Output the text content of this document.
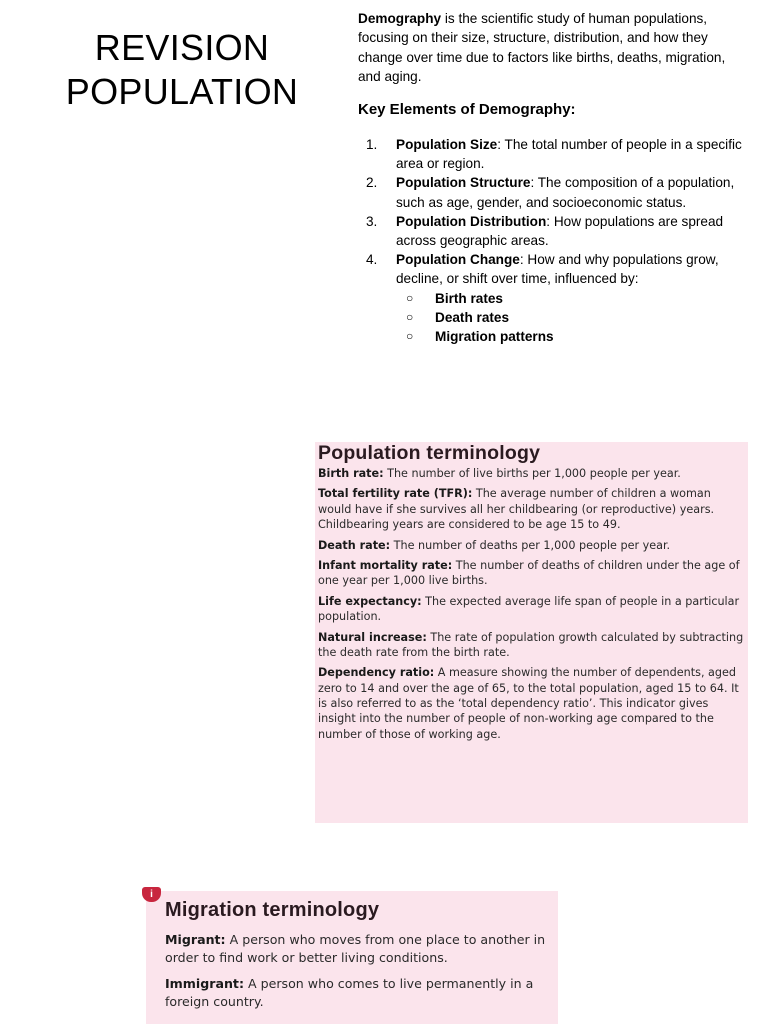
REVISION
POPULATION
Demography is the scientific study of human populations, focusing on their size, structure, distribution, and how they change over time due to factors like births, deaths, migration, and aging.
Key Elements of Demography:
1. Population Size: The total number of people in a specific area or region.
2. Population Structure: The composition of a population, such as age, gender, and socioeconomic status.
3. Population Distribution: How populations are spread across geographic areas.
4. Population Change: How and why populations grow, decline, or shift over time, influenced by:
○ Birth rates
○ Death rates
○ Migration patterns
Population terminology

Birth rate: The number of live births per 1,000 people per year.

Total fertility rate (TFR): The average number of children a woman would have if she survives all her childbearing (or reproductive) years. Childbearing years are considered to be age 15 to 49.

Death rate: The number of deaths per 1,000 people per year.

Infant mortality rate: The number of deaths of children under the age of one year per 1,000 live births.

Life expectancy: The expected average life span of people in a particular population.

Natural increase: The rate of population growth calculated by subtracting the death rate from the birth rate.

Dependency ratio: A measure showing the number of dependents, aged zero to 14 and over the age of 65, to the total population, aged 15 to 64. It is also referred to as the ‘total dependency ratio’. This indicator gives insight into the number of people of non-working age compared to the number of those of working age.

Migration terminology

Migrant: A person who moves from one place to another in order to find work or better living conditions.

Immigrant: A person who comes to live permanently in a foreign country.

i
